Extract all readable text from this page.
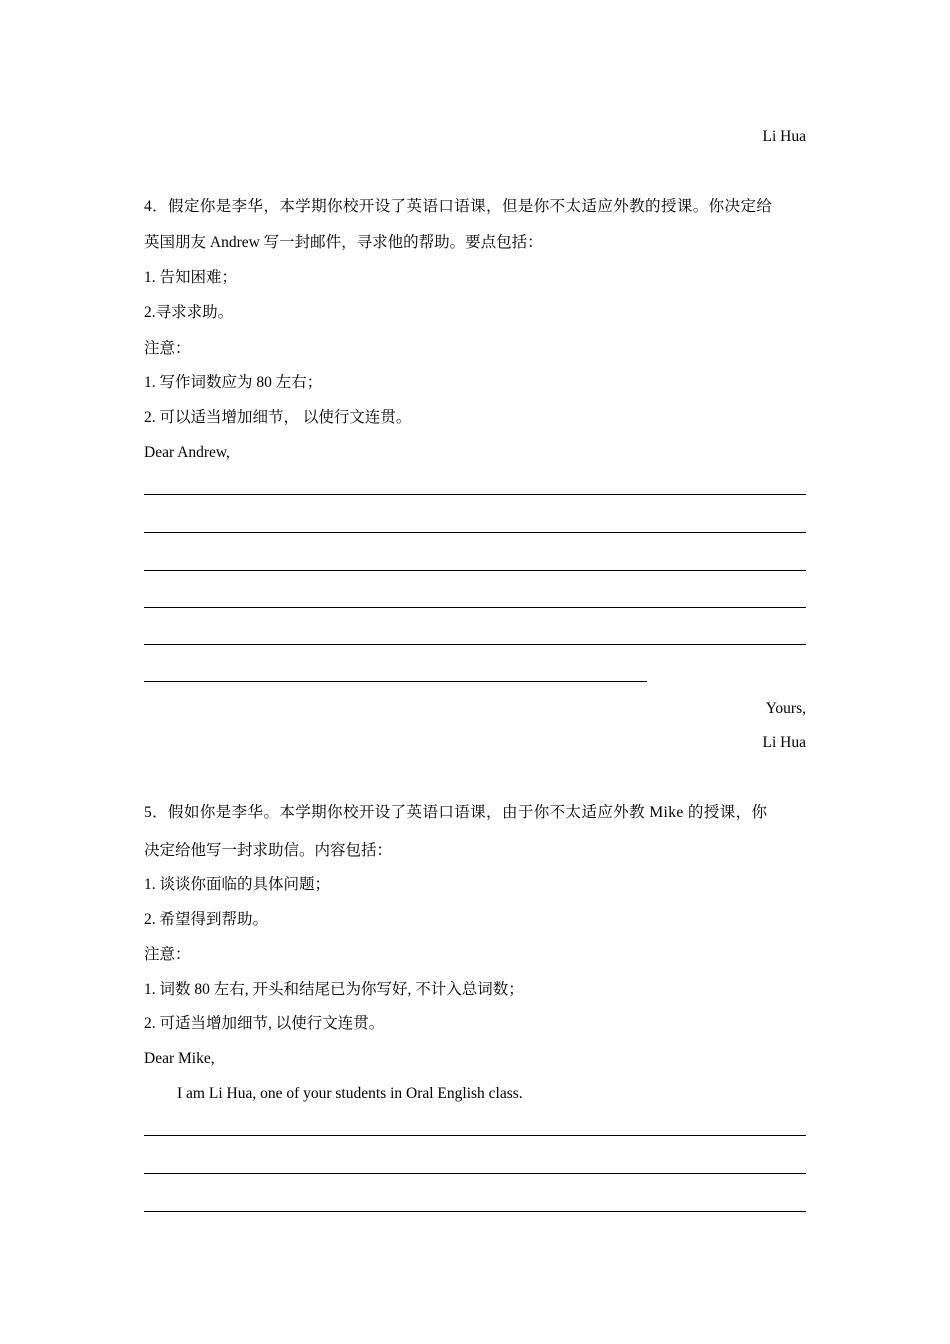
Li Hua
4．假定你是李华，本学期你校开设了英语口语课，但是你不太适应外教的授课。你决定给
英国朋友 Andrew 写一封邮件，寻求他的帮助。要点包括：
1. 告知困难；
2.寻求求助。
注意：
1. 写作词数应为 80 左右；
2. 可以适当增加细节， 以使行文连贯。
Dear Andrew,
Yours,
Li Hua
5．假如你是李华。本学期你校开设了英语口语课，由于你不太适应外教 Mike 的授课，你
决定给他写一封求助信。内容包括：
1. 谈谈你面临的具体问题；
2. 希望得到帮助。
注意：
1. 词数 80 左右, 开头和结尾已为你写好, 不计入总词数；
2. 可适当增加细节, 以使行文连贯。
Dear Mike,
I am Li Hua, one of your students in Oral English class.
